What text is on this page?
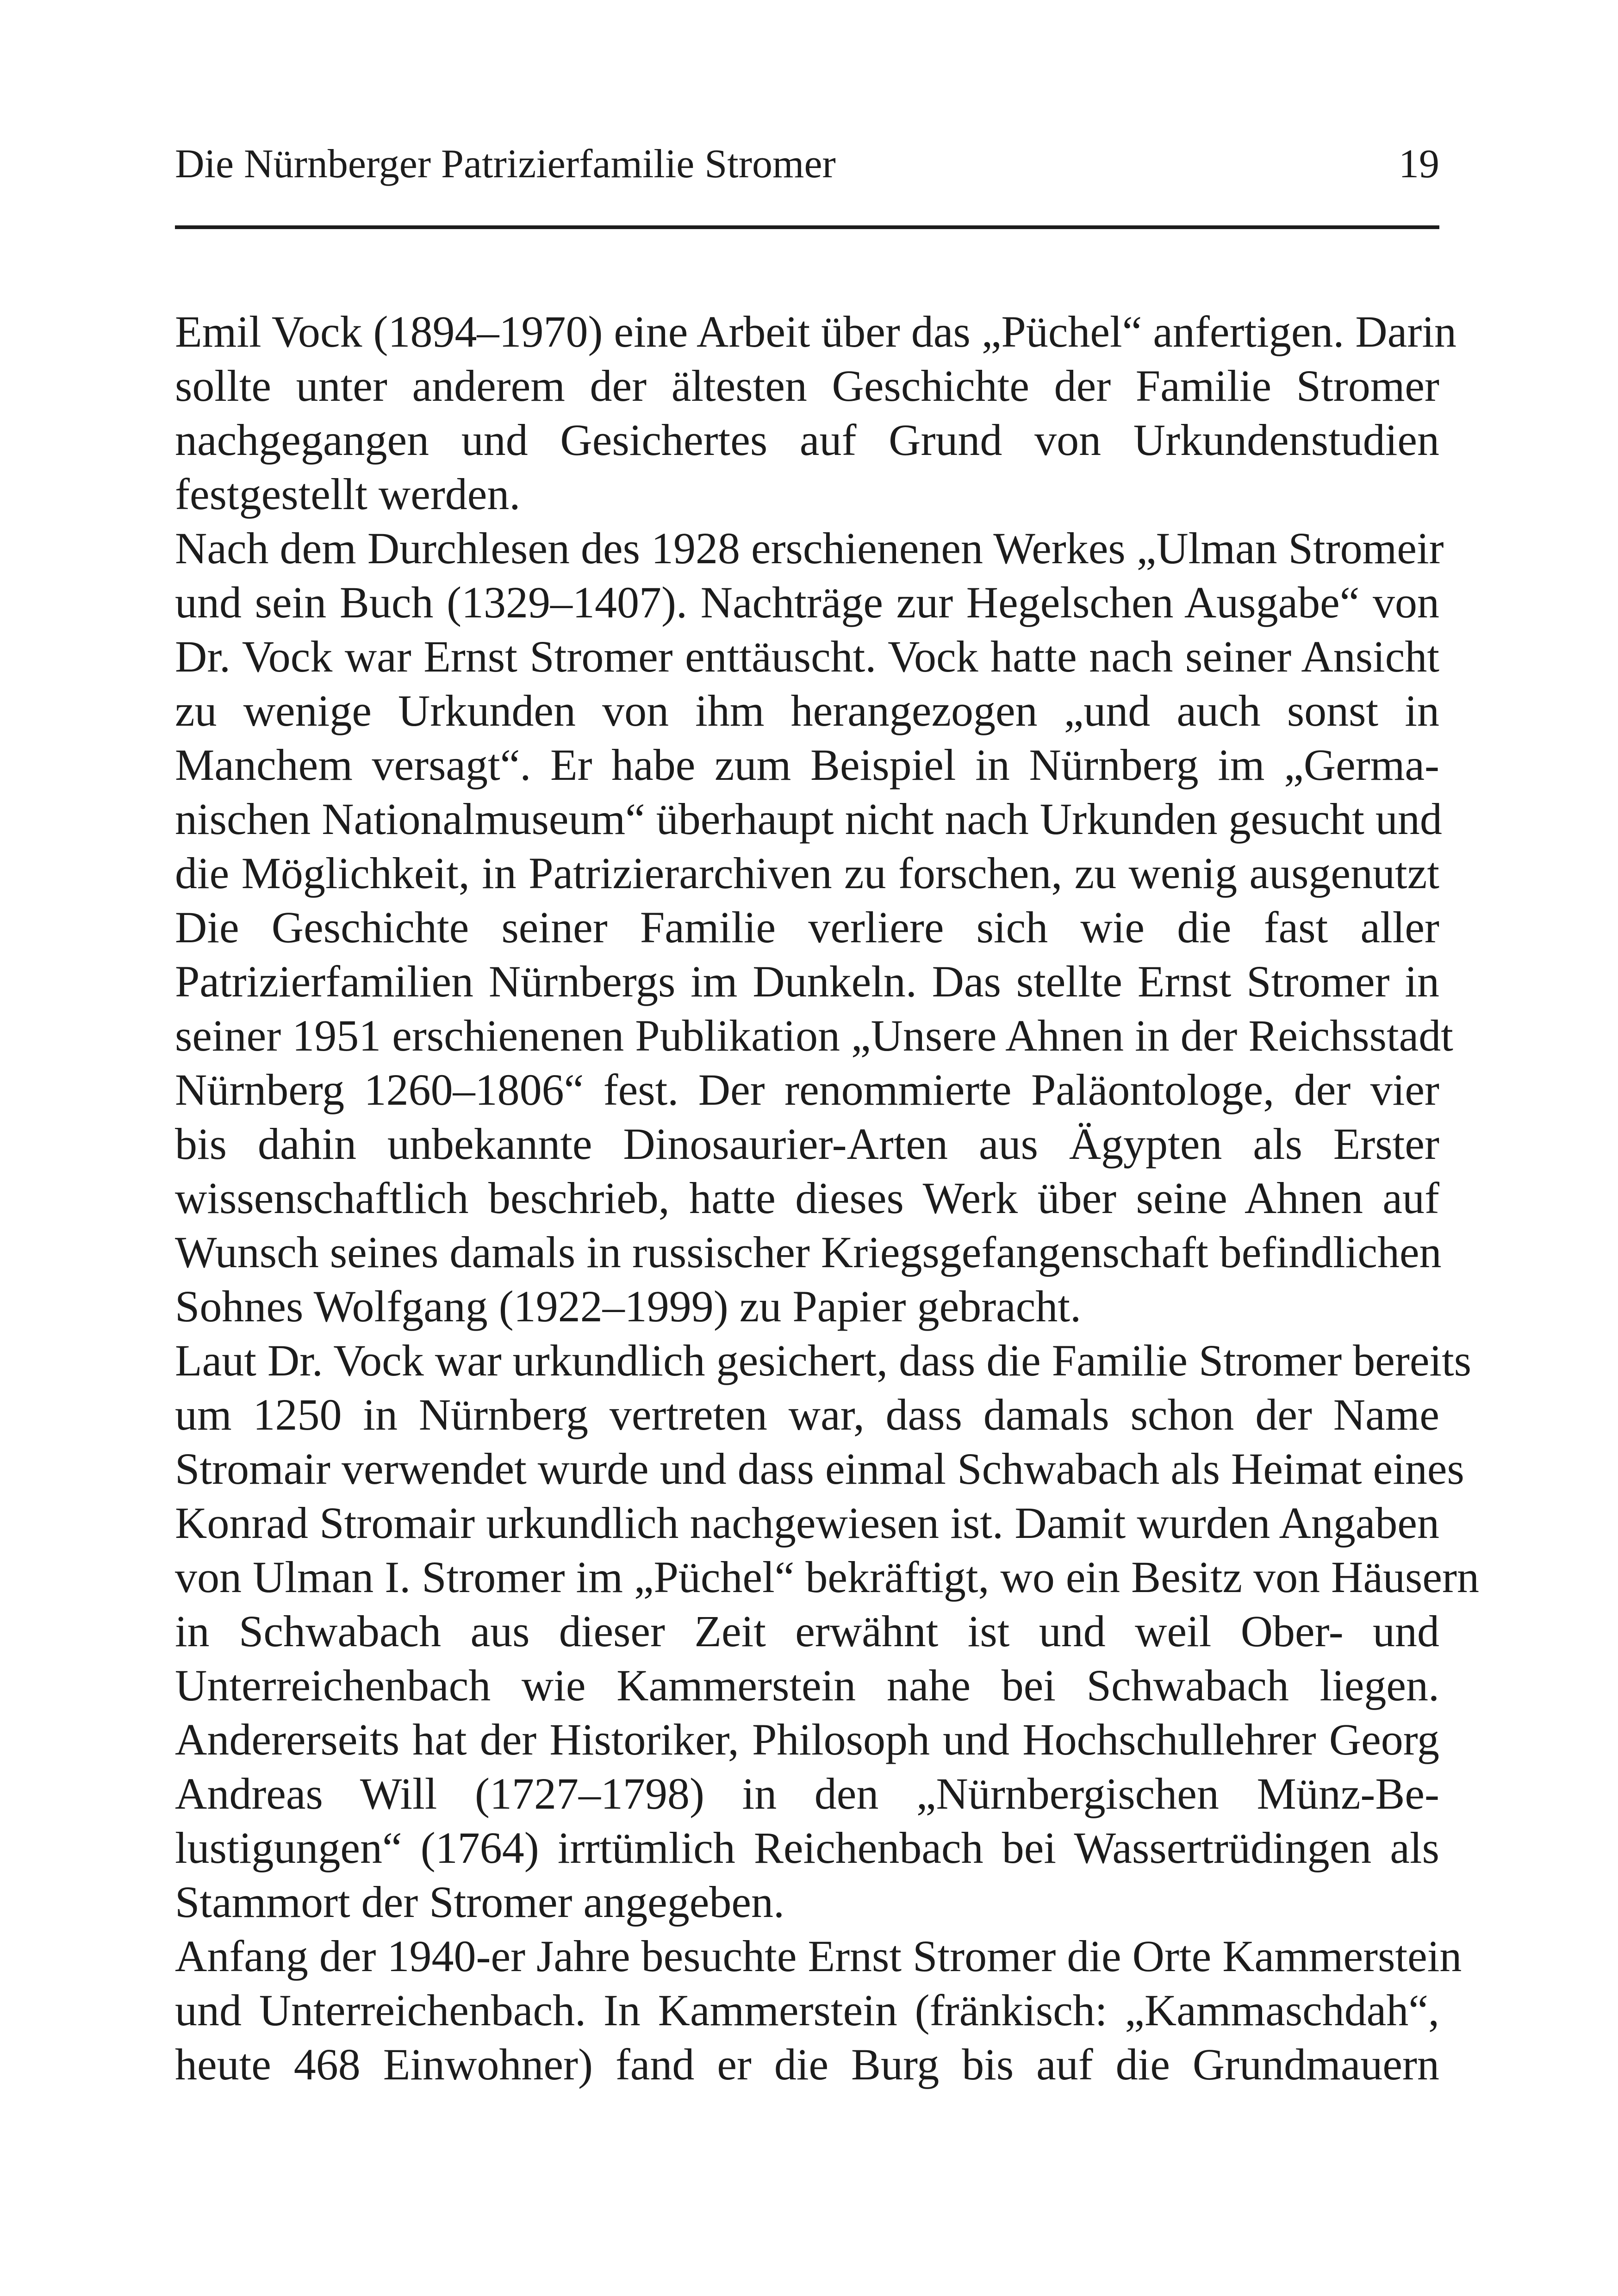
Die Nürnberger Patrizierfamilie Stromer	19
Emil Vock (1894–1970) eine Arbeit über das „Püchel“ anfertigen. Darin
sollte unter anderem der ältesten Geschichte der Familie Stromer
nachgegangen und Gesichertes auf Grund von Urkundenstudien
festgestellt werden.
Nach dem Durchlesen des 1928 erschienenen Werkes „Ulman Stromeir
und sein Buch (1329–1407). Nachträge zur Hegelschen Ausgabe“ von
Dr. Vock war Ernst Stromer enttäuscht. Vock hatte nach seiner Ansicht
zu wenige Urkunden von ihm herangezogen „und auch sonst in
Manchem versagt“. Er habe zum Beispiel in Nürnberg im „Germa-
nischen Nationalmuseum“ überhaupt nicht nach Urkunden gesucht und
die Möglichkeit, in Patrizierarchiven zu forschen, zu wenig ausgenutzt
Die Geschichte seiner Familie verliere sich wie die fast aller
Patrizierfamilien Nürnbergs im Dunkeln. Das stellte Ernst Stromer in
seiner 1951 erschienenen Publikation „Unsere Ahnen in der Reichsstadt
Nürnberg 1260–1806“ fest. Der renommierte Paläontologe, der vier
bis dahin unbekannte Dinosaurier-Arten aus Ägypten als Erster
wissenschaftlich beschrieb, hatte dieses Werk über seine Ahnen auf
Wunsch seines damals in russischer Kriegsgefangenschaft befindlichen
Sohnes Wolfgang (1922–1999) zu Papier gebracht.
Laut Dr. Vock war urkundlich gesichert, dass die Familie Stromer bereits
um 1250 in Nürnberg vertreten war, dass damals schon der Name
Stromair verwendet wurde und dass einmal Schwabach als Heimat eines
Konrad Stromair urkundlich nachgewiesen ist. Damit wurden Angaben
von Ulman I. Stromer im „Püchel“ bekräftigt, wo ein Besitz von Häusern
in Schwabach aus dieser Zeit erwähnt ist und weil Ober- und
Unterreichenbach wie Kammerstein nahe bei Schwabach liegen.
Andererseits hat der Historiker, Philosoph und Hochschullehrer Georg
Andreas Will (1727–1798) in den „Nürnbergischen Münz-Be-
lustigungen“ (1764) irrtümlich Reichenbach bei Wassertrüdingen als
Stammort der Stromer angegeben.
Anfang der 1940-er Jahre besuchte Ernst Stromer die Orte Kammerstein
und Unterreichenbach. In Kammerstein (fränkisch: „Kammaschdah“,
heute 468 Einwohner) fand er die Burg bis auf die Grundmauern
